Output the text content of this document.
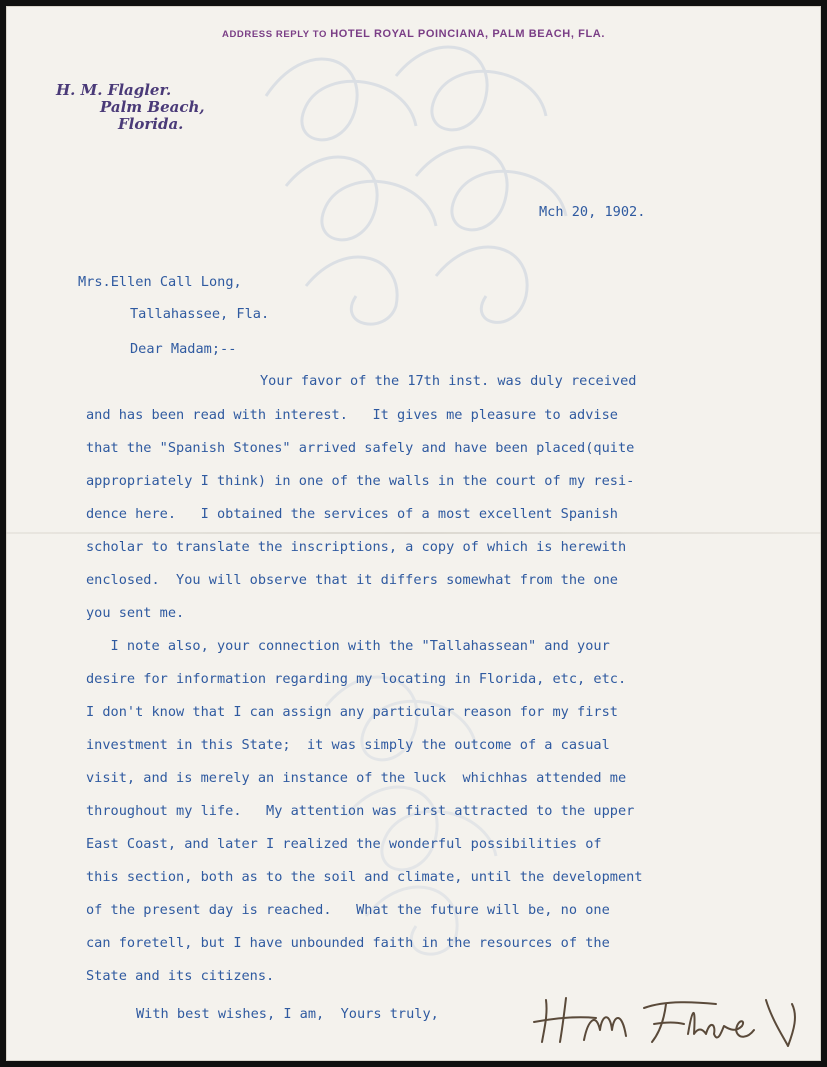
ADDRESS REPLY TO HOTEL ROYAL POINCIANA, PALM BEACH, FLA.
H. M. Flagler.
Palm Beach,
Florida.
Mch 20, 1902.
Mrs.Ellen Call Long,
Tallahassee, Fla.
Dear Madam;--
Your favor of the 17th inst. was duly received
and has been read with interest.   It gives me pleasure to advise
that the "Spanish Stones" arrived safely and have been placed(quite
appropriately I think) in one of the walls in the court of my resi-
dence here.   I obtained the services of a most excellent Spanish
scholar to translate the inscriptions, a copy of which is herewith
enclosed.  You will observe that it differs somewhat from the one
you sent me.
I note also, your connection with the "Tallahassean" and your
desire for information regarding my locating in Florida, etc, etc.
I don't know that I can assign any particular reason for my first
investment in this State;  it was simply the outcome of a casual
visit, and is merely an instance of the luck  whichhas attended me
throughout my life.   My attention was first attracted to the upper
East Coast, and later I realized the wonderful possibilities of
this section, both as to the soil and climate, until the development
of the present day is reached.   What the future will be, no one
can foretell, but I have unbounded faith in the resources of the
State and its citizens.
With best wishes, I am,  Yours truly,
